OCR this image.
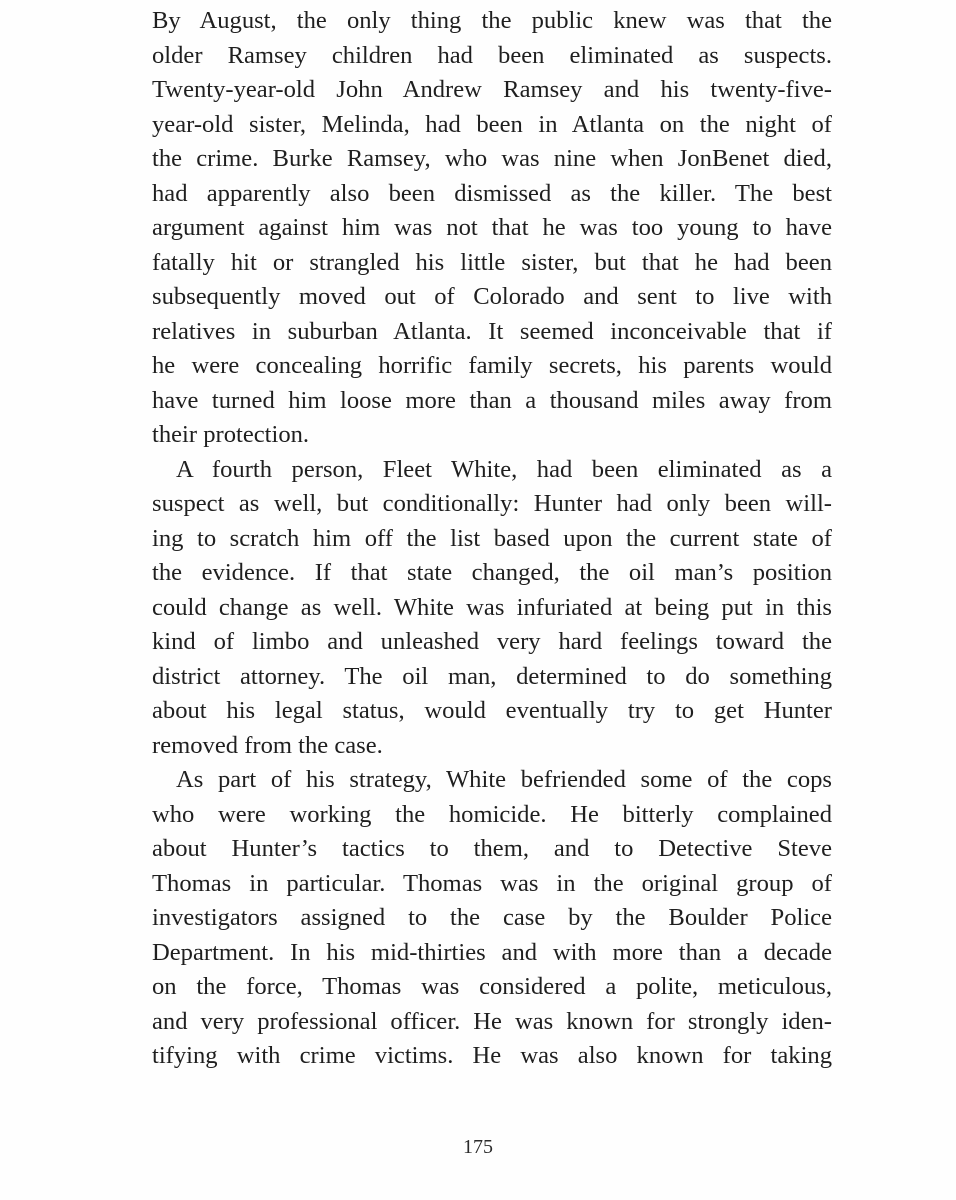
By August, the only thing the public knew was that the
older Ramsey children had been eliminated as suspects.
Twenty-year-old John Andrew Ramsey and his twenty-five-
year-old sister, Melinda, had been in Atlanta on the night of
the crime. Burke Ramsey, who was nine when JonBenet died,
had apparently also been dismissed as the killer. The best
argument against him was not that he was too young to have
fatally hit or strangled his little sister, but that he had been
subsequently moved out of Colorado and sent to live with
relatives in suburban Atlanta. It seemed inconceivable that if
he were concealing horrific family secrets, his parents would
have turned him loose more than a thousand miles away from
their protection.
A fourth person, Fleet White, had been eliminated as a
suspect as well, but conditionally: Hunter had only been will-
ing to scratch him off the list based upon the current state of
the evidence. If that state changed, the oil man’s position
could change as well. White was infuriated at being put in this
kind of limbo and unleashed very hard feelings toward the
district attorney. The oil man, determined to do something
about his legal status, would eventually try to get Hunter
removed from the case.
As part of his strategy, White befriended some of the cops
who were working the homicide. He bitterly complained
about Hunter’s tactics to them, and to Detective Steve
Thomas in particular. Thomas was in the original group of
investigators assigned to the case by the Boulder Police
Department. In his mid-thirties and with more than a decade
on the force, Thomas was considered a polite, meticulous,
and very professional officer. He was known for strongly iden-
tifying with crime victims. He was also known for taking
175
